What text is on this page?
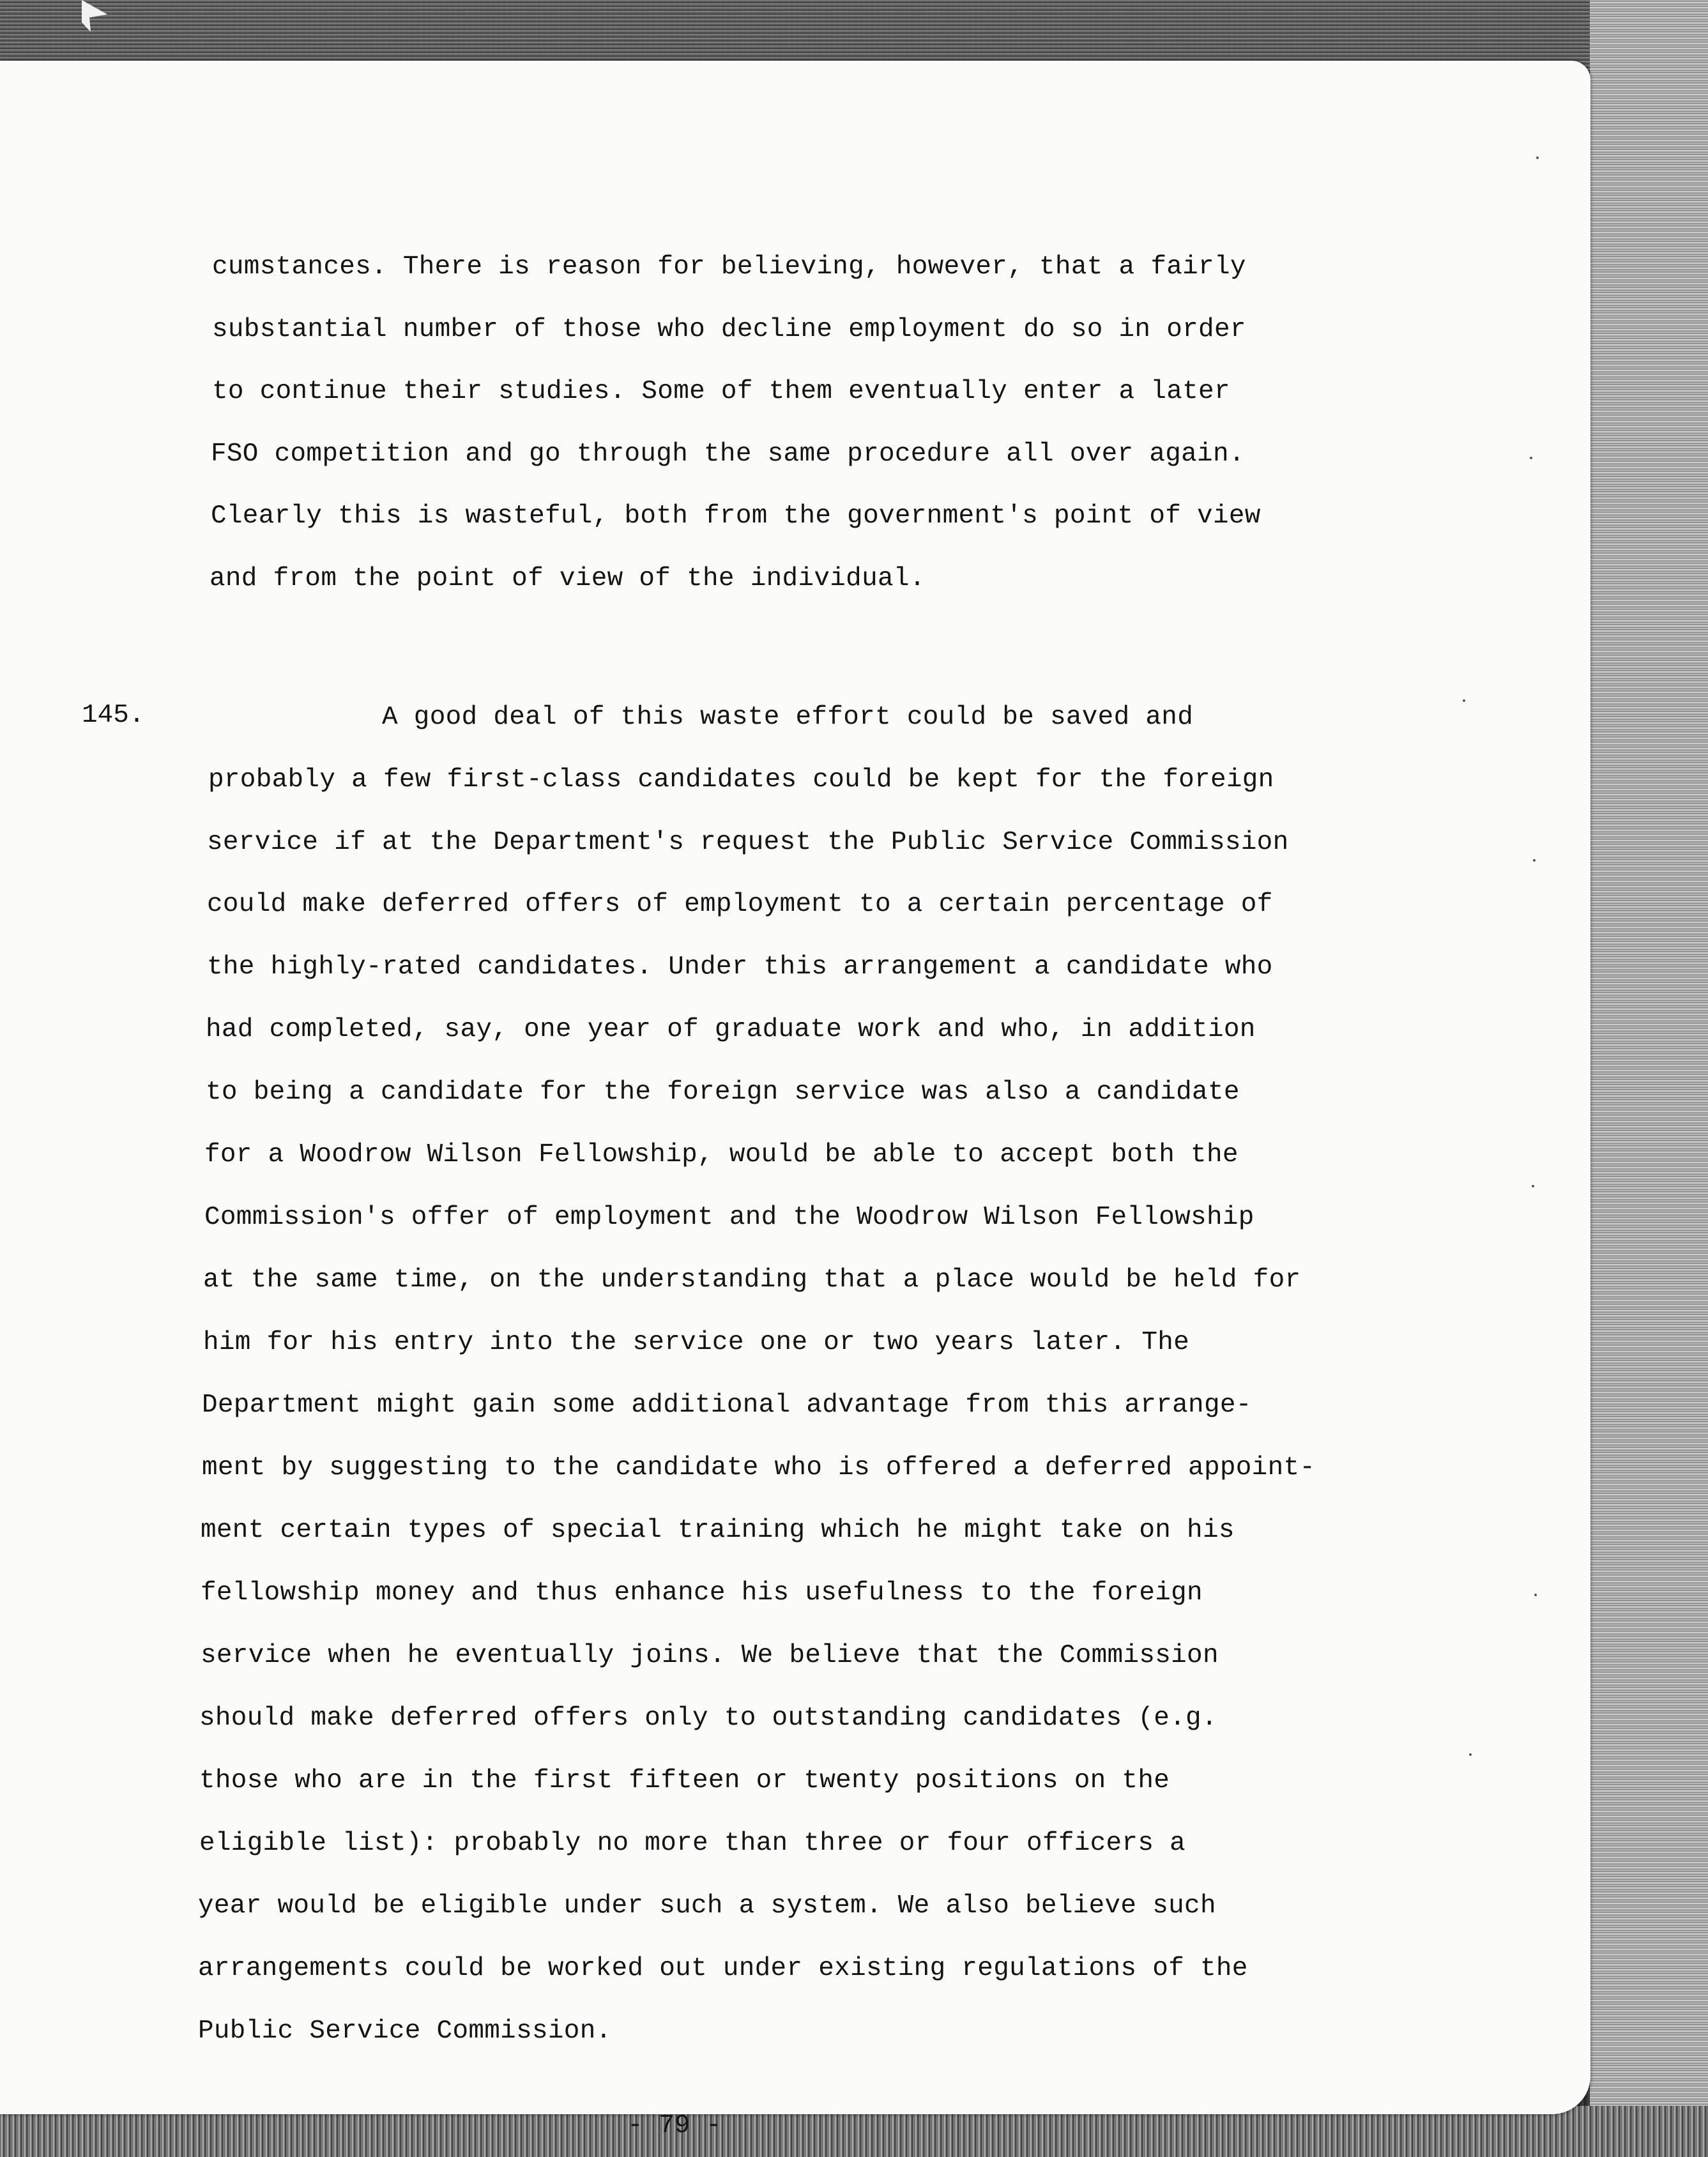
cumstances. There is reason for believing, however, that a fairly

substantial number of those who decline employment do so in order

to continue their studies. Some of them eventually enter a later

FSO competition and go through the same procedure all over again.

Clearly this is wasteful, both from the government's point of view

and from the point of view of the individual.

145.	A good deal of this waste effort could be saved and

probably a few first-class candidates could be kept for the foreign

service if at the Department's request the Public Service Commission

could make deferred offers of employment to a certain percentage of

the highly-rated candidates. Under this arrangement a candidate who

had completed, say, one year of graduate work and who, in addition

to being a candidate for the foreign service was also a candidate

for a Woodrow Wilson Fellowship, would be able to accept both the

Commission's offer of employment and the Woodrow Wilson Fellowship

at the same time, on the understanding that a place would be held for

him for his entry into the service one or two years later. The

Department might gain some additional advantage from this arrange-

ment by suggesting to the candidate who is offered a deferred appoint-

ment certain types of special training which he might take on his

fellowship money and thus enhance his usefulness to the foreign

service when he eventually joins. We believe that the Commission

should make deferred offers only to outstanding candidates (e.g.

those who are in the first fifteen or twenty positions on the

eligible list): probably no more than three or four officers a

year would be eligible under such a system. We also believe such

arrangements could be worked out under existing regulations of the

Public Service Commission.

- 79 -
